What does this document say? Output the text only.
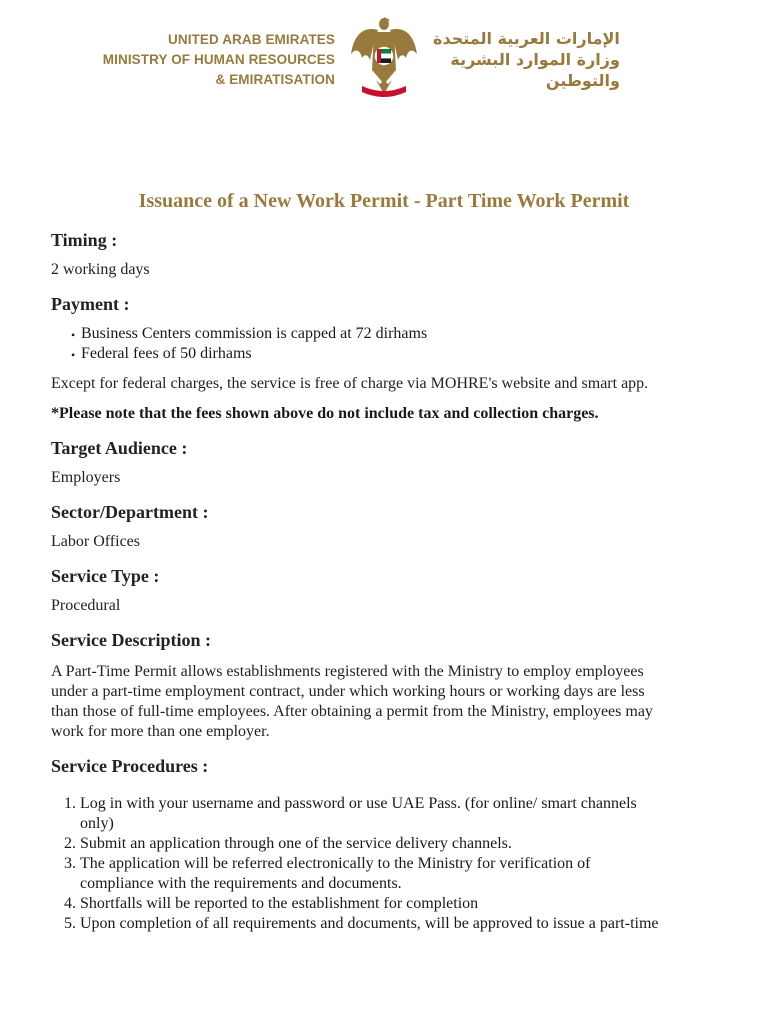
UNITED ARAB EMIRATES
MINISTRY OF HUMAN RESOURCES
& EMIRATISATION
الإمارات العربية المتحدة
وزارة الموارد البشرية
والتوطين
Issuance of a New Work Permit - Part Time Work Permit
Timing :

2 working days

Payment :
• Business Centers commission is capped at 72 dirhams
• Federal fees of 50 dirhams

Except for federal charges, the service is free of charge via MOHRE's website and smart app.

*Please note that the fees shown above do not include tax and collection charges.

Target Audience :

Employers

Sector/Department :

Labor Offices

Service Type :

Procedural

Service Description :

A Part-Time Permit allows establishments registered with the Ministry to employ employees
under a part-time employment contract, under which working hours or working days are less
than those of full-time employees. After obtaining a permit from the Ministry, employees may
work for more than one employer.

Service Procedures :
1. Log in with your username and password or use UAE Pass. (for online/ smart channels
only)
2. Submit an application through one of the service delivery channels.
3. The application will be referred electronically to the Ministry for verification of
compliance with the requirements and documents.
4. Shortfalls will be reported to the establishment for completion
5. Upon completion of all requirements and documents, will be approved to issue a part-time
